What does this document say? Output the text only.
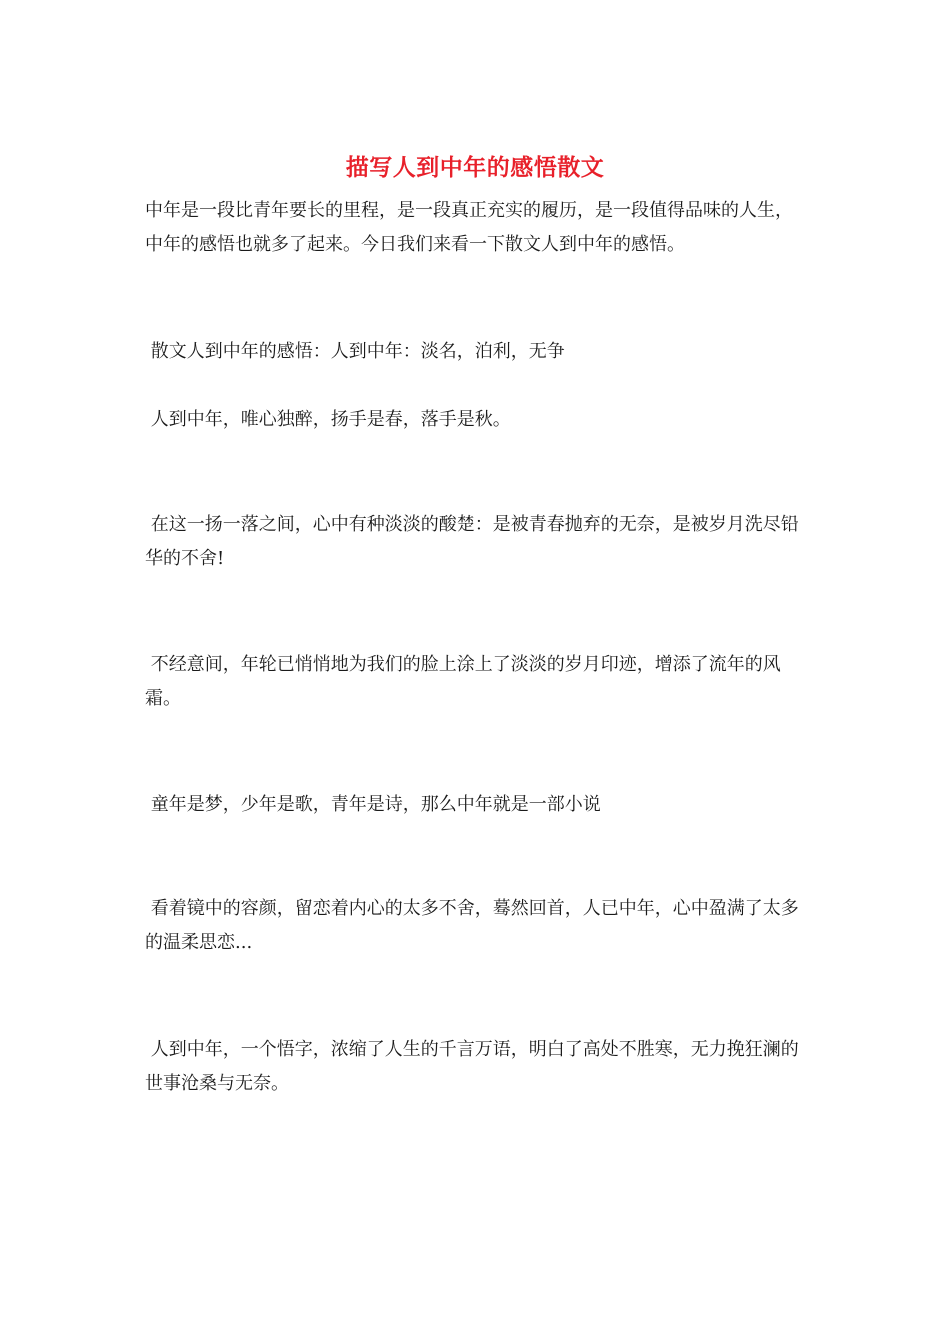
描写人到中年的感悟散文
中年是一段比青年要长的里程，是一段真正充实的履历，是一段值得品味的人生，中年的感悟也就多了起来。今日我们来看一下散文人到中年的感悟。
散文人到中年的感悟：人到中年：淡名，泊利，无争
人到中年，唯心独醉，扬手是春，落手是秋。
在这一扬一落之间，心中有种淡淡的酸楚：是被青春抛弃的无奈，是被岁月洗尽铅华的不舍!
不经意间，年轮已悄悄地为我们的脸上涂上了淡淡的岁月印迹，增添了流年的风霜。
童年是梦，少年是歌，青年是诗，那么中年就是一部小说
看着镜中的容颜，留恋着内心的太多不舍，蓦然回首，人已中年，心中盈满了太多的温柔思恋...
人到中年，一个悟字，浓缩了人生的千言万语，明白了高处不胜寒，无力挽狂澜的世事沧桑与无奈。
